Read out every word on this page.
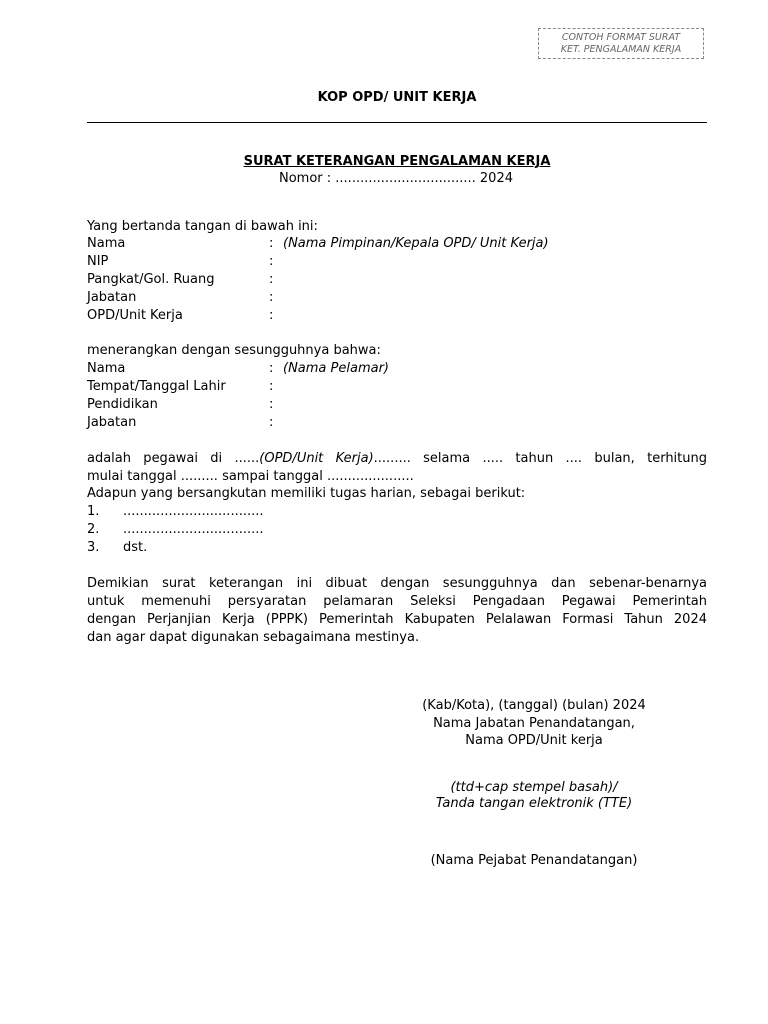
CONTOH FORMAT SURAT
KET. PENGALAMAN KERJA
KOP OPD/ UNIT KERJA
SURAT KETERANGAN PENGALAMAN KERJA
Nomor : .................................. 2024
Yang bertanda tangan di bawah ini:
Nama	: (Nama Pimpinan/Kepala OPD/ Unit Kerja)
NIP	:
Pangkat/Gol. Ruang	:
Jabatan	:
OPD/Unit Kerja	:
menerangkan dengan sesungguhnya bahwa:
Nama	: (Nama Pelamar)
Tempat/Tanggal Lahir	:
Pendidikan	:
Jabatan	:
adalah pegawai di ......(OPD/Unit Kerja)......... selama ..... tahun .... bulan, terhitung
mulai tanggal ......... sampai tanggal .....................
Adapun yang bersangkutan memiliki tugas harian, sebagai berikut:
1. ..................................
2. ..................................
3. dst.
Demikian surat keterangan ini dibuat dengan sesungguhnya dan sebenar-benarnya
untuk memenuhi persyaratan pelamaran Seleksi Pengadaan Pegawai Pemerintah
dengan Perjanjian Kerja (PPPK) Pemerintah Kabupaten Pelalawan Formasi Tahun 2024
dan agar dapat digunakan sebagaimana mestinya.
(Kab/Kota), (tanggal) (bulan) 2024
Nama Jabatan Penandatangan,
Nama OPD/Unit kerja
(ttd+cap stempel basah)/
Tanda tangan elektronik (TTE)
(Nama Pejabat Penandatangan)
